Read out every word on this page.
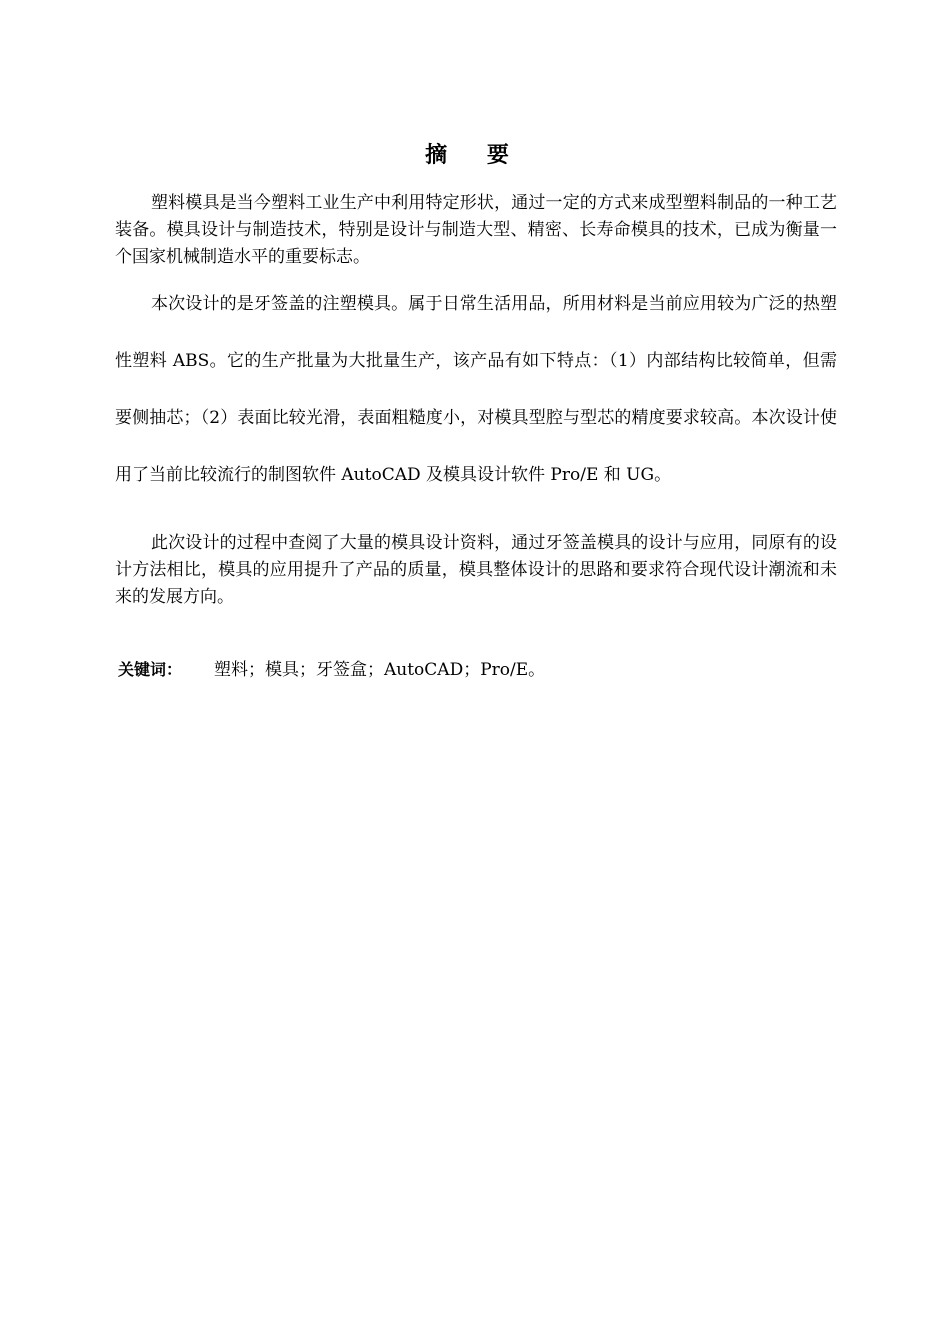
摘 要

塑料模具是当今塑料工业生产中利用特定形状，通过一定的方式来成型塑料制品的一种工艺装备。模具设计与制造技术，特别是设计与制造大型、精密、长寿命模具的技术，已成为衡量一个国家机械制造水平的重要标志。

本次设计的是牙签盖的注塑模具。属于日常生活用品，所用材料是当前应用较为广泛的热塑性塑料 ABS。它的生产批量为大批量生产，该产品有如下特点：（1）内部结构比较简单，但需要侧抽芯；（2）表面比较光滑，表面粗糙度小，对模具型腔与型芯的精度要求较高。本次设计使用了当前比较流行的制图软件 AutoCAD 及模具设计软件 Pro/E 和 UG。

此次设计的过程中查阅了大量的模具设计资料，通过牙签盖模具的设计与应用，同原有的设计方法相比，模具的应用提升了产品的质量，模具整体设计的思路和要求符合现代设计潮流和未来的发展方向。

关键词： 塑料；模具；牙签盒；AutoCAD；Pro/E。
